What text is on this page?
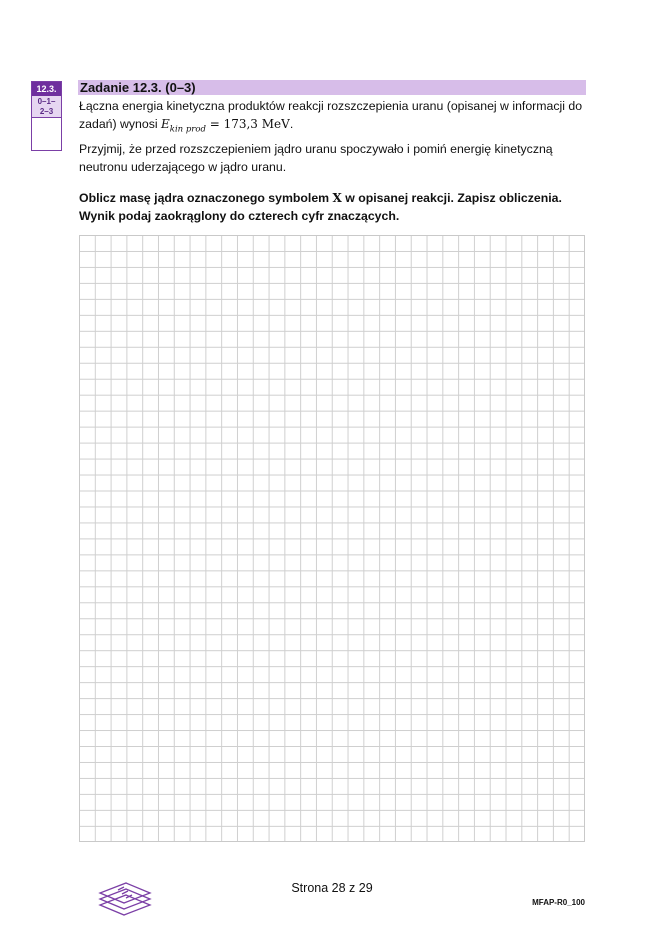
12.3.
0–1–
2–3
Zadanie 12.3. (0–3)
Łączna energia kinetyczna produktów reakcji rozszczepienia uranu (opisanej w informacji do zadań) wynosi $E_{kin prod} = 173,3$ MeV.
Przyjmij, że przed rozszczepieniem jądro uranu spoczywało i pomiń energię kinetyczną neutronu uderzającego w jądro uranu.
Oblicz masę jądra oznaczonego symbolem X w opisanej reakcji. Zapisz obliczenia. Wynik podaj zaokrąglony do czterech cyfr znaczących.
Strona 28 z 29
MFAP-R0_100
